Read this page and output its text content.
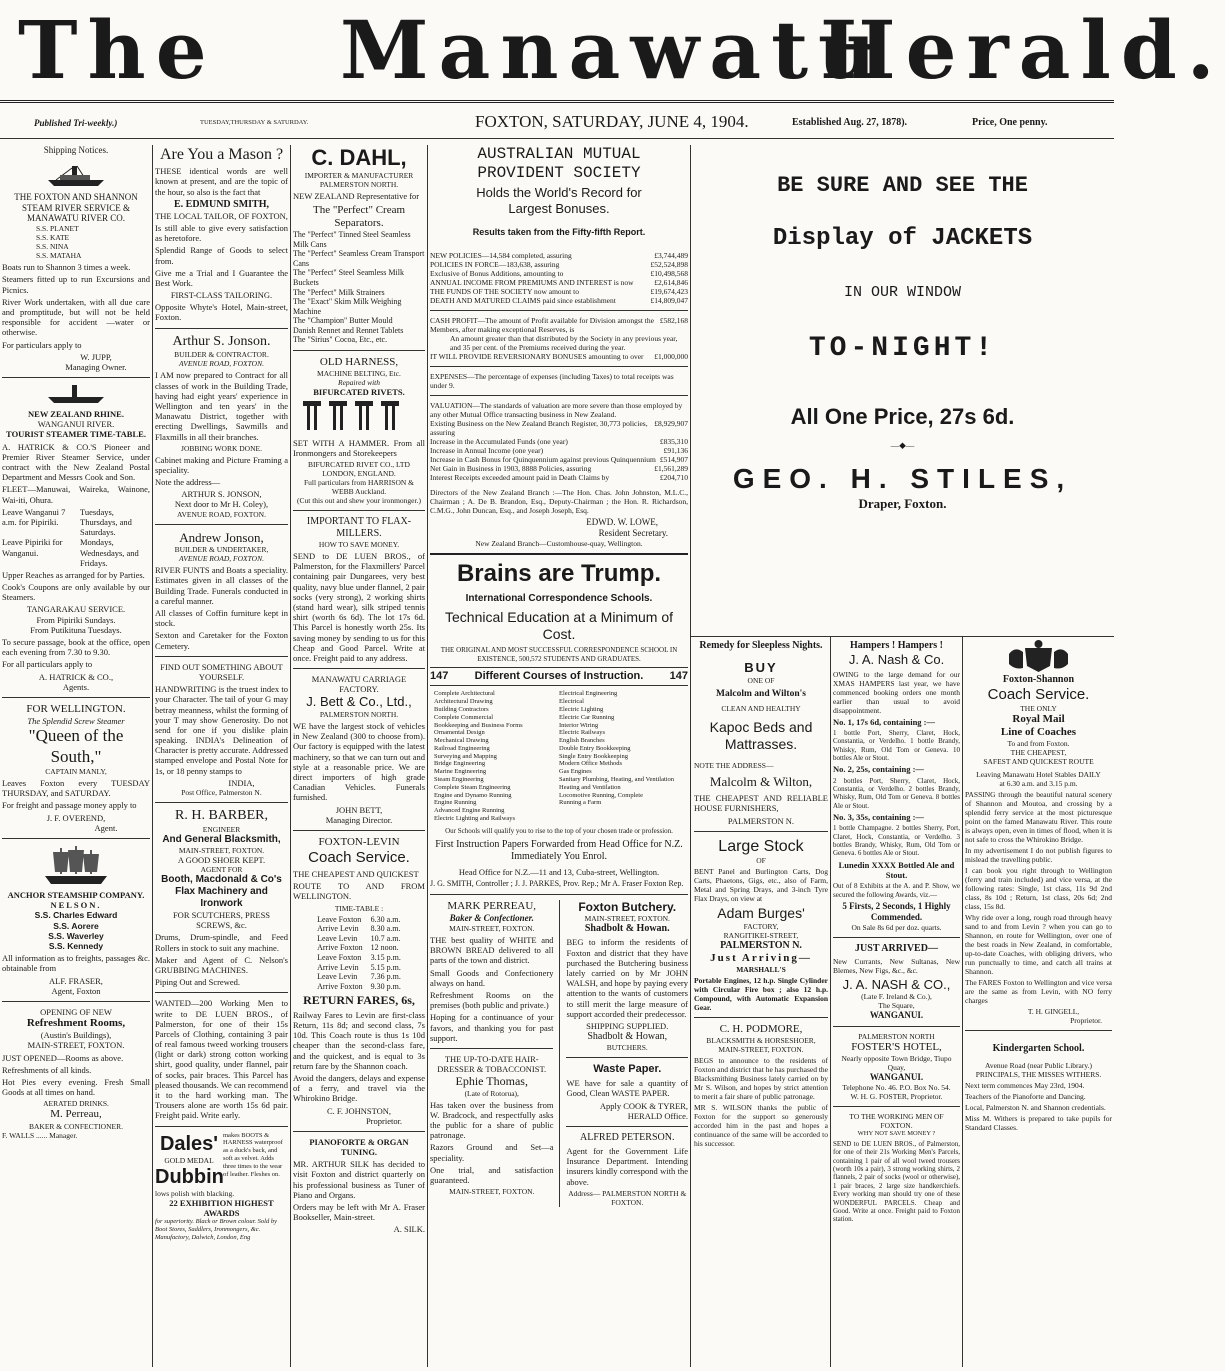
The Manawatu
Herald.
Published Tri-weekly.)	TUESDAY,THURSDAY & SATURDAY.	FOXTON, SATURDAY, JUNE 4, 1904.	Established Aug. 27, 1878).	Price, One penny.
Shipping Notices.
THE FOXTON AND SHANNON STEAM RIVER SERVICE & MANAWATU RIVER CO.
S.S. PLANET
S.S. KATE
S.S. NINA
S.S. MATAHA
Boats run to Shannon 3 times a week.
Steamers fitted up to run Excursions and Picnics.
River Work undertaken, with all due care and promptitude, but will not be held responsible for accident —water or otherwise.
For particulars apply to
W. JUPP,
Managing Owner.
NEW ZEALAND RHINE.
WANGANUI RIVER.
TOURIST STEAMER TIME-TABLE.
A. HATRICK & CO.'S Pioneer and Premier River Steamer Service, under contract with the New Zealand Postal Department and Messrs Cook and Son.
FLEET—Manuwai, Waireka, Wainone, Wai-iti, Ohura.
Leave Wanganui 7 a.m. for Pipiriki.
Tuesdays, Thursdays, and Saturdays.
Leave Pipiriki for Wanganui.
Mondays, Wednesdays, and Fridays.
Upper Reaches as arranged for by Parties.
Cook's Coupons are only available by our Steamers.
TANGARAKAU SERVICE.
From Pipiriki Sundays.
From Putikituna Tuesdays.
To secure passage, book at the office, open each evening from 7.30 to 9.30.
For all particulars apply to
A. HATRICK & CO.,
Agents.
FOR WELLINGTON.
The Splendid Screw Steamer
"Queen of the South,"
CAPTAIN MANLY,
Leaves Foxton every TUESDAY THURSDAY, and SATURDAY.
For freight and passage money apply to
J. F. OVEREND,
Agent.
ANCHOR STEAMSHIP COMPANY.
NELSON.
S.S. Charles Edward
S.S. Aorere
S.S. Waverley
S.S. Kennedy
All information as to freights, passages &c. obtainable from
ALF. FRASER,
Agent, Foxton
OPENING OF NEW
Refreshment Rooms,
(Austin's Buildings),
MAIN-STREET, FOXTON.
JUST OPENED—Rooms as above.
Refreshments of all kinds.
Hot Pies every evening. Fresh Small Goods at all times on hand.
AERATED DRINKS.
M. Perreau,
BAKER & CONFECTIONER.
F. WALLS ...... Manager.
Are You a Mason ?
THESE identical words are well known at present, and are the topic of the hour, so also is the fact that
E. EDMUND SMITH,
THE LOCAL TAILOR, OF FOXTON,
Is still able to give every satisfaction as heretofore.
Splendid Range of Goods to select from.
Give me a Trial and I Guarantee the Best Work.
FIRST-CLASS TAILORING.
Opposite Whyte's Hotel, Main-street, Foxton.
Arthur S. Jonson.
BUILDER & CONTRACTOR.
AVENUE ROAD, FOXTON.
I AM now prepared to Contract for all classes of work in the Building Trade, having had eight years' experience in Wellington and ten years' in the Manawatu District, together with erecting Dwellings, Sawmills and Flaxmills in all their branches.
JOBBING WORK DONE.
Cabinet making and Picture Framing a speciality.
Note the address—
ARTHUR S. JONSON,
Next door to Mr H. Coley),
AVENUE ROAD, FOXTON.
Andrew Jonson,
BUILDER & UNDERTAKER,
AVENUE ROAD, FOXTON.
RIVER FUNTS and Boats a speciality. Estimates given in all classes of the Building Trade. Funerals conducted in a careful manner.
All classes of Coffin furniture kept in stock.
Sexton and Caretaker for the Foxton Cemetery.
FIND OUT SOMETHING ABOUT YOURSELF.
HANDWRITING is the truest index to your Character. The tail of your G may betray meanness, whilst the forming of your T may show Generosity. Do not send for one if you dislike plain speaking. INDIA's Delineation of Character is pretty accurate. Addressed stamped envelope and Postal Note for 1s, or 18 penny stamps to
INDIA,
Post Office, Palmerston N.
R. H. BARBER,
ENGINEER
And General Blacksmith,
MAIN-STREET, FOXTON.
A GOOD SHOER KEPT.
AGENT FOR
Booth, Macdonald & Co's
Flax Machinery and Ironwork
FOR SCUTCHERS, PRESS SCREWS, &c.
Drums, Drum-spindle, and Feed Rollers in stock to suit any machine.
Maker and Agent of C. Nelson's GRUBBING MACHINES.
Piping Out and Screwed.
WANTED—200 Working Men to write to DE LUEN BROS., of Palmerston, for one of their 15s Parcels of Clothing, containing 3 pair of real famous tweed working trousers (light or dark) strong cotton working shirt, good quality, under flannel, pair of socks, pair braces. This Parcel has pleased thousands. We can recommend it to the hard working man. The Trousers alone are worth 15s 6d pair. Freight paid. Write early.
Dales'
GOLD MEDAL
Dubbin
makes BOOTS & HARNESS waterproof as a duck's back, and soft as velvet. Adds three times to the wear of leather. Fleshes on.
lows polish with blacking.
22 EXHIBITION HIGHEST AWARDS
for superiority. Black or Brown colour. Sold by Boot Stores, Saddlers, Ironmongers, &c. Manufactory, Dalwich, London, Eng
C. DAHL,
IMPORTER & MANUFACTURER
PALMERSTON NORTH.
NEW ZEALAND Representative for
The "Perfect" Cream Separators.
The "Perfect" Tinned Steel Seamless Milk Cans
The "Perfect" Seamless Cream Transport Cans
The "Perfect" Steel Seamless Milk Buckets
The "Perfect" Milk Strainers
The "Exact" Skim Milk Weighing Machine
The "Champion" Butter Mould
Danish Rennet and Rennet Tablets
The "Sirius" Cocoa, Etc., etc.
OLD HARNESS,
MACHINE BELTING, Etc.
Repaired with
BIFURCATED RIVETS.
SET WITH A HAMMER. From all Ironmongers and Storekeepers
BIFURCATED RIVET CO., LTD
LONDON, ENGLAND.
Full particulars from HARRISON & WEBB Auckland.
(Cut this out and shew your ironmonger.)
IMPORTANT TO FLAX-MILLERS.
HOW TO SAVE MONEY.
SEND to DE LUEN BROS., of Palmerston, for the Flaxmillers' Parcel containing pair Dungarees, very best quality, navy blue under flannel, 2 pair socks (very strong), 2 working shirts (stand hard wear), silk striped tennis shirt (worth 6s 6d). The lot 17s 6d. This Parcel is honestly worth 25s. Its saving money by sending to us for this Cheap and Good Parcel. Write at once. Freight paid to any address.
MANAWATU CARRIAGE FACTORY.
J. Bett & Co., Ltd.,
PALMERSTON NORTH.
WE have the largest stock of vehicles in New Zealand (300 to choose from). Our factory is equipped with the latest machinery, so that we can turn out and style at a reasonable price. We are direct importers of high grade Canadian Vehicles. Funerals furnished.
JOHN BETT,
Managing Director.
FOXTON-LEVIN
Coach Service.
THE CHEAPEST AND QUICKEST
ROUTE TO AND FROM WELLINGTON.
TIME-TABLE :
Leave Foxton	6.30 a.m.
Arrive Levin	8.30 a.m.
Leave Levin	10.7 a.m.
Arrive Foxton	12 noon.
Leave Foxton	3.15 p.m.
Arrive Levin	5.15 p.m.
Leave Levin	7.36 p.m.
Arrive Foxton	9.30 p.m.
RETURN FARES, 6s,
Railway Fares to Levin are first-class Return, 11s 8d; and second class, 7s 10d. This Coach route is thus 1s 10d cheaper than the second-class fare, and the quickest, and is equal to 3s return fare by the Shannon coach.
Avoid the dangers, delays and expense of a ferry, and travel via the Whirokino Bridge.
C. F. JOHNSTON,
Proprietor.
PIANOFORTE & ORGAN TUNING.
MR. ARTHUR SILK has decided to visit Foxton and district quarterly on his professional business as Tuner of Piano and Organs.
Orders may be left with Mr A. Fraser Bookseller, Main-street.
A. SILK.
AUSTRALIAN MUTUAL
PROVIDENT SOCIETY
Holds the World's Record for
Largest Bonuses.
Results taken from the Fifty-fifth Report.
NEW POLICIES—14,584 completed, assuring	£3,744,489
POLICIES IN FORCE—183,638, assuring	£52,524,898
Exclusive of Bonus Additions, amounting to	£10,498,568
ANNUAL INCOME FROM PREMIUMS AND INTEREST is now	£2,614,846
THE FUNDS OF THE SOCIETY now amount to	£19,674,423
DEATH AND MATURED CLAIMS paid since establishment	£14,809,047
CASH PROFIT—The amount of Profit available for Division amongst the Members, after making exceptional Reserves, is
£582,168
An amount greater than that distributed by the Society in any previous year, and 35 per cent. of the Premiums received during the year.
IT WILL PROVIDE REVERSIONARY BONUSES amounting to over	£1,000,000
EXPENSES—The percentage of expenses (including Taxes) to total receipts was under 9.
VALUATION—The standards of valuation are more severe than those employed by any other Mutual Office transacting business in New Zealand.
Existing Business on the New Zealand Branch Register, 30,773 policies, assuring
£8,929,907
Increase in the Accumulated Funds (one year)	£835,310
Increase in Annual Income (one year)	£91,136
Increase in Cash Bonus for Quinquennium against previous Quinquennium £514,907
Net Gain in Business in 1903, 8888 Policies, assuring	£1,561,289
Interest Receipts exceeded amount paid in Death Claims by	£204,710
Directors of the New Zealand Branch :—The Hon. Chas. John Johnston, M.L.C., Chairman ; A. De B. Brandon, Esq., Deputy-Chairman ; the Hon. R. Richardson, C.M.G., John Duncan, Esq., and Joseph Joseph, Esq.
EDWD. W. LOWE,
Resident Secretary.
New Zealand Branch—Customhouse-quay, Wellington.
Brains are Trump.
International Correspondence Schools.
Technical Education at a Minimum of Cost.
THE ORIGINAL AND MOST SUCCESSFUL CORRESPONDENCE SCHOOL IN EXISTENCE, 500,572 STUDENTS AND GRADUATES.
147 Different Courses of Instruction. 147
Complete Architectural
Architectural Drawing
Building Contractors
Complete Commercial
Bookkeeping and Business Forms
Ornamental Design
Mechanical Drawing
Railroad Engineering
Surveying and Mapping
Bridge Engineering
Marine Engineering
Steam Engineering
Complete Steam Engineering
Engine and Dynamo Running
Engine Running
Advanced Engine Running
Electric Lighting and Railways
Electrical Engineering
Electrical
Electric Lighting
Electric Car Running
Interior Wiring
Electric Railways
English Branches
Double Entry Bookkeeping
Single Entry Bookkeeping
Modern Office Methods
Gas Engines
Sanitary Plumbing, Heating, and Ventilation
Heating and Ventilation
Locomotive Running, Complete
Running a Farm
Our Schools will qualify you to rise to the top of your chosen trade or profession.
First Instruction Papers Forwarded from Head Office for N.Z. Immediately You Enrol.
Head Office for N.Z.—11 and 13, Cuba-street, Wellington.
J. G. SMITH, Controller ; J. J. PARKES, Prov. Rep.; Mr A. Fraser Foxton Rep.
MARK PERREAU,
Baker & Confectioner.
MAIN-STREET, FOXTON.
THE best quality of WHITE and BROWN BREAD delivered to all parts of the town and district.
Small Goods and Confectionery always on hand.
Refreshment Rooms on the premises (both public and private.)
Hoping for a continuance of your favors, and thanking you for past support.
THE UP-TO-DATE HAIR-DRESSER & TOBACCONIST.
Ephie Thomas,
(Late of Rotorua),
Has taken over the business from W. Bradcock, and respectfully asks the public for a share of public patronage.
Razors Ground and Set—a speciality.
One trial, and satisfaction guaranteed.
MAIN-STREET, FOXTON.
Foxton Butchery.
MAIN-STREET, FOXTON.
Shadbolt & Howan.
BEG to inform the residents of Foxton and district that they have purchased the Butchering business lately carried on by Mr JOHN WALSH, and hope by paying every attention to the wants of customers to still merit the large measure of support accorded their predecessor.
SHIPPING SUPPLIED.
Shadbolt & Howan,
BUTCHERS.
Waste Paper.
WE have for sale a quantity of Good, Clean WASTE PAPER.
Apply COOK & TYRER, HERALD Office.
ALFRED PETERSON.
Agent for the Government Life Insurance Department. Intending insurers kindly correspond with the above.
Address— PALMERSTON NORTH & FOXTON.
BE SURE AND SEE THE
Display of JACKETS
IN OUR WINDOW
TO-NIGHT!
All One Price, 27s 6d.
—◆—
GEO. H. STILES,
Draper, Foxton.
Remedy for Sleepless Nights.
BUY
ONE OF
Malcolm and Wilton's
CLEAN AND HEALTHY
Kapoc Beds and Mattrasses.
NOTE THE ADDRESS—
Malcolm & Wilton,
THE CHEAPEST AND RELIABLE HOUSE FURNISHERS,
PALMERSTON N.
Large Stock
OF
BENT Panel and Burlington Carts, Dog Carts, Phaetons, Gigs, etc., also of Farm, Metal and Spring Drays, and 3-inch Tyre Flax Drays, on view at
Adam Burges'
FACTORY,
RANGITIKEI-STREET,
PALMERSTON N.
Just Arriving—
MARSHALL'S
Portable Engines, 12 h.p. Single Cylinder with Circular Fire box ; also 12 h.p. Compound, with Automatic Expansion Gear.
C. H. PODMORE,
BLACKSMITH & HORSESHOER,
MAIN-STREET, FOXTON.
BEGS to announce to the residents of Foxton and district that he has purchased the Blacksmithing Business lately carried on by Mr S. Wilson, and hopes by strict attention to merit a fair share of public patronage.
MR S. WILSON thanks the public of Foxton for the support so generously accorded him in the past and hopes a continuance of the same will be accorded to his successor.
Hampers ! Hampers !
J. A. Nash & Co.
OWING to the large demand for our XMAS HAMPERS last year, we have commenced booking orders one month earlier than usual to avoid disappointment.
No. 1, 17s 6d, containing :—
1 bottle Port, Sherry, Claret, Hock, Constantia, or Verdelho. 1 bottle Brandy, Whisky, Rum, Old Tom or Geneva. 10 bottles Ale or Stout.
No. 2, 25s, containing :—
2 bottles Port, Sherry, Claret, Hock, Constantia, or Verdelho. 2 bottles Brandy, Whisky, Rum, Old Tom or Geneva. 8 bottles Ale or Stout.
No. 3, 35s, containing :—
1 bottle Champagne. 2 bottles Sherry, Port, Claret, Hock, Constantia, or Verdelho. 3 bottles Brandy, Whisky, Rum, Old Tom or Geneva. 6 bottles Ale or Stout.
Lunedin XXXX Bottled Ale and Stout.
Out of 8 Exhibits at the A. and P. Show, we secured the following Awards, viz.—
5 Firsts, 2 Seconds, 1 Highly Commended.
On Sale 8s 6d per doz. quarts.
JUST ARRIVED—
New Currants, New Sultanas, New Blemes, New Figs, &c., &c.
J. A. NASH & CO.,
(Late F. Ireland & Co.),
The Square,
WANGANUI.
PALMERSTON NORTH
FOSTER'S HOTEL,
Nearly opposite Town Bridge, Tiupo Quay,
WANGANUI.
Telephone No. 46. P.O. Box No. 54.
W. H. G. FOSTER, Proprietor.
TO THE WORKING MEN OF FOXTON.
WHY NOT SAVE MONEY ?
SEND to DE LUEN BROS., of Palmerston, for one of their 21s Working Men's Parcels, containing 1 pair of all wool tweed trousers (worth 10s a pair), 3 strong working shirts, 2 flannels, 2 pair of socks (wool or otherwise), 1 pair braces, 2 large size handkerchiefs. Every working man should try one of these WONDERFUL PARCELS. Cheap and Good. Write at once. Freight paid to Foxton station.
Foxton-Shannon
Coach Service.
THE ONLY
Royal Mail
Line of Coaches
To and from Foxton.
THE CHEAPEST,
SAFEST AND QUICKEST ROUTE
Leaving Manawatu Hotel Stables DAILY
at 6.30 a.m. and 3.15 p.m.
PASSING through the beautiful natural scenery of Shannon and Moutoa, and crossing by a splendid ferry service at the most picturesque point on the famed Manawatu River. This route is always open, even in times of flood, when it is not safe to cross the Whirokino Bridge.
In my advertisement I do not publish figures to mislead the travelling public.
I can book you right through to Wellington (ferry and train included) and vice versa, at the following rates: Single, 1st class, 11s 9d 2nd class, 8s 10d ; Return, 1st class, 20s 6d; 2nd class, 15s 8d.
Why ride over a long, rough road through heavy sand to and from Levin ? when you can go to Shannon, en route for Wellington, over one of the best roads in New Zealand, in comfortable, up-to-date Coaches, with obliging drivers, who run punctually to time, and catch all trains at Shannon.
The FARES Foxton to Wellington and vice versa are the same as from Levin, with NO ferry charges
T. H. GINGELL,
Proprietor.
Kindergarten School.
Avenue Road (near Public Library.)
PRINCIPALS, THE MISSES WITHERS.
Next term commences May 23rd, 1904.
Teachers of the Pianoforte and Dancing.
Local, Palmerston N. and Shannon credentials.
Miss M. Withers is prepared to take pupils for Standard Classes.
